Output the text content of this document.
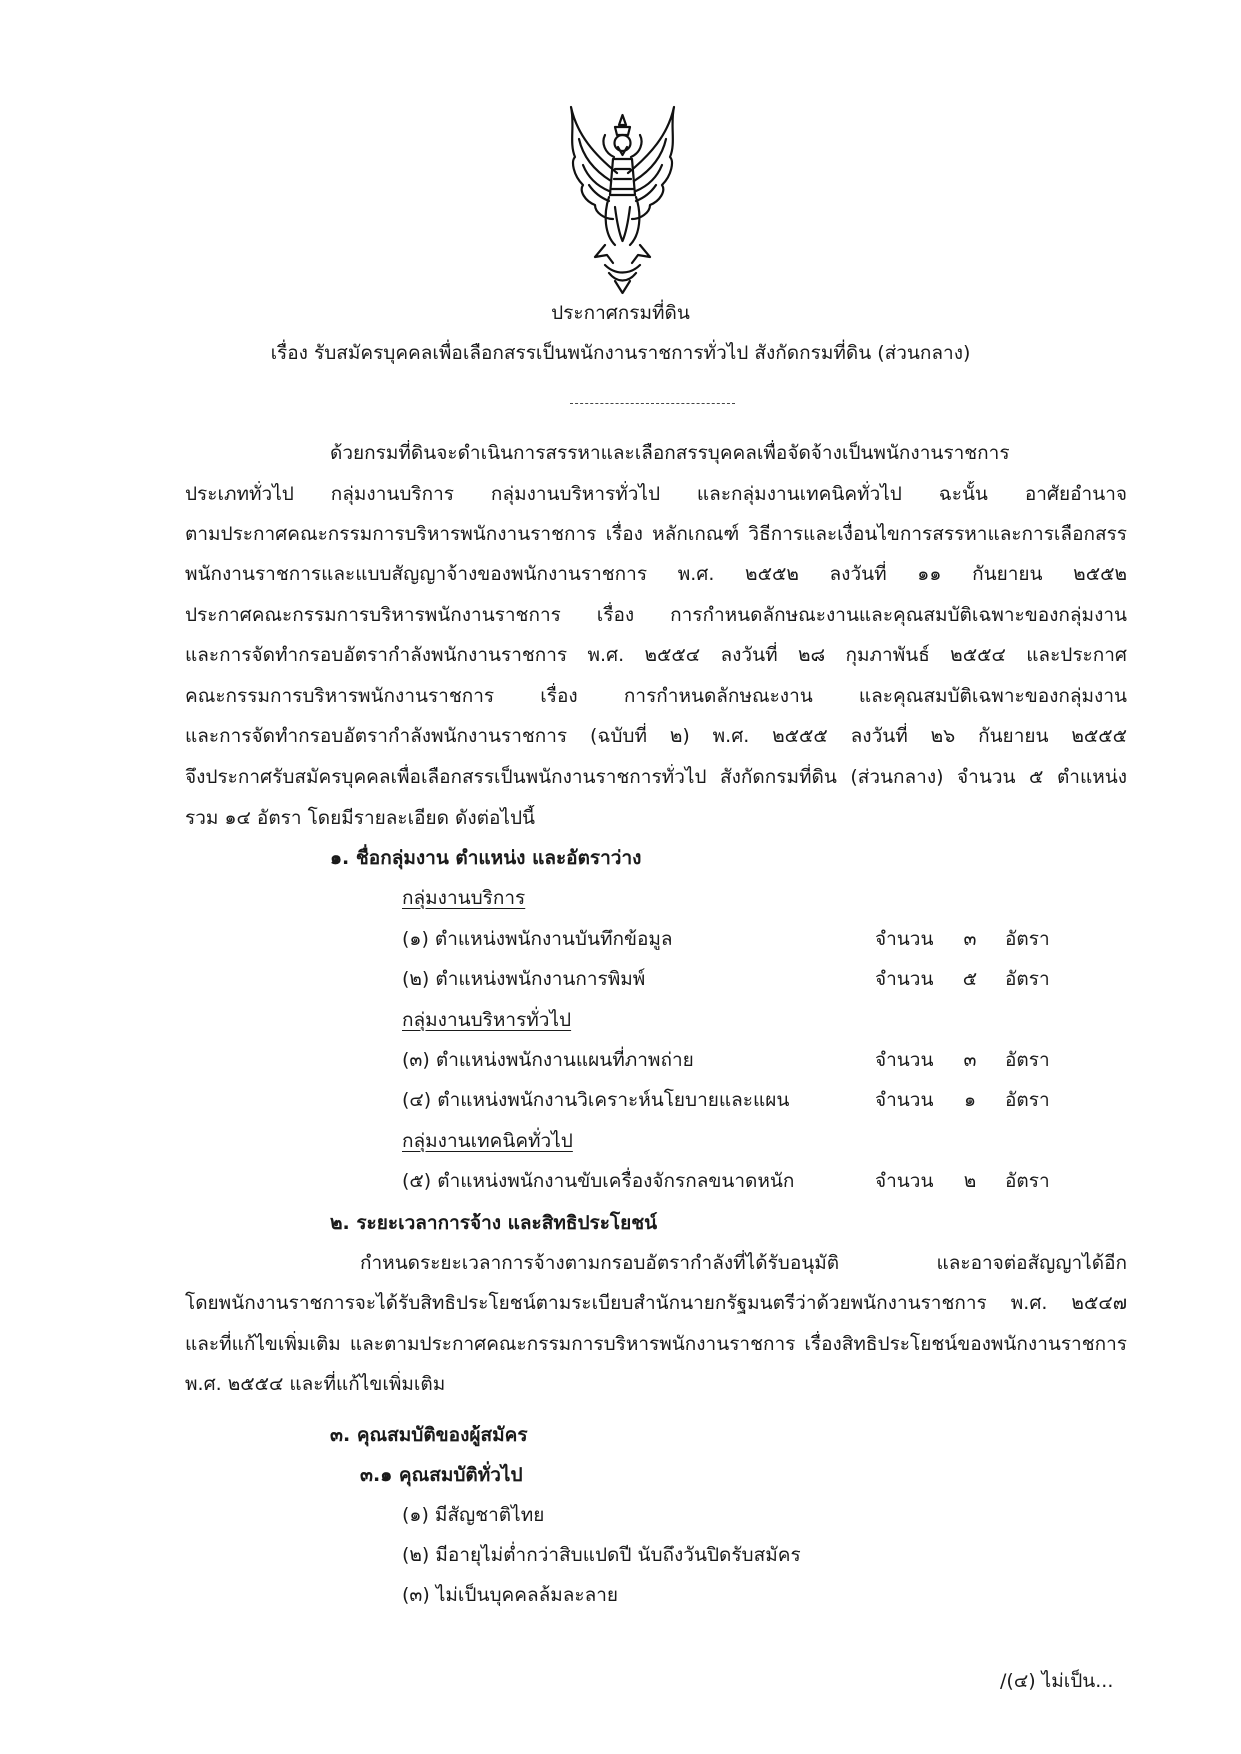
ประกาศกรมที่ดิน
เรื่อง รับสมัครบุคคลเพื่อเลือกสรรเป็นพนักงานราชการทั่วไป สังกัดกรมที่ดิน (ส่วนกลาง)
ด้วยกรมที่ดินจะดำเนินการสรรหาและเลือกสรรบุคคลเพื่อจัดจ้างเป็นพนักงานราชการ
ประเภททั่วไป กลุ่มงานบริการ กลุ่มงานบริหารทั่วไป และกลุ่มงานเทคนิคทั่วไป ฉะนั้น อาศัยอำนาจ
ตามประกาศคณะกรรมการบริหารพนักงานราชการ เรื่อง หลักเกณฑ์ วิธีการและเงื่อนไขการสรรหาและการเลือกสรร
พนักงานราชการและแบบสัญญาจ้างของพนักงานราชการ พ.ศ. ๒๕๕๒ ลงวันที่ ๑๑ กันยายน ๒๕๕๒
ประกาศคณะกรรมการบริหารพนักงานราชการ เรื่อง การกำหนดลักษณะงานและคุณสมบัติเฉพาะของกลุ่มงาน
และการจัดทำกรอบอัตรากำลังพนักงานราชการ พ.ศ. ๒๕๕๔ ลงวันที่ ๒๘ กุมภาพันธ์ ๒๕๕๔ และประกาศ
คณะกรรมการบริหารพนักงานราชการ เรื่อง การกำหนดลักษณะงาน และคุณสมบัติเฉพาะของกลุ่มงาน
และการจัดทำกรอบอัตรากำลังพนักงานราชการ (ฉบับที่ ๒) พ.ศ. ๒๕๕๕ ลงวันที่ ๒๖ กันยายน ๒๕๕๕
จึงประกาศรับสมัครบุคคลเพื่อเลือกสรรเป็นพนักงานราชการทั่วไป สังกัดกรมที่ดิน (ส่วนกลาง) จำนวน ๕ ตำแหน่ง
รวม ๑๔ อัตรา โดยมีรายละเอียด ดังต่อไปนี้
๑. ชื่อกลุ่มงาน ตำแหน่ง และอัตราว่าง
กลุ่มงานบริการ
(๑) ตำแหน่งพนักงานบันทึกข้อมูล	จำนวน ๓ อัตรา
(๒) ตำแหน่งพนักงานการพิมพ์	จำนวน ๕ อัตรา
กลุ่มงานบริหารทั่วไป
(๓) ตำแหน่งพนักงานแผนที่ภาพถ่าย	จำนวน ๓ อัตรา
(๔) ตำแหน่งพนักงานวิเคราะห์นโยบายและแผน	จำนวน ๑ อัตรา
กลุ่มงานเทคนิคทั่วไป
(๕) ตำแหน่งพนักงานขับเครื่องจักรกลขนาดหนัก	จำนวน ๒ อัตรา
๒. ระยะเวลาการจ้าง และสิทธิประโยชน์
กำหนดระยะเวลาการจ้างตามกรอบอัตรากำลังที่ได้รับอนุมัติ และอาจต่อสัญญาได้อีก
โดยพนักงานราชการจะได้รับสิทธิประโยชน์ตามระเบียบสำนักนายกรัฐมนตรีว่าด้วยพนักงานราชการ พ.ศ. ๒๕๔๗
และที่แก้ไขเพิ่มเติม และตามประกาศคณะกรรมการบริหารพนักงานราชการ เรื่องสิทธิประโยชน์ของพนักงานราชการ
พ.ศ. ๒๕๕๔ และที่แก้ไขเพิ่มเติม
๓. คุณสมบัติของผู้สมัคร
๓.๑ คุณสมบัติทั่วไป
(๑) มีสัญชาติไทย
(๒) มีอายุไม่ต่ำกว่าสิบแปดปี นับถึงวันปิดรับสมัคร
(๓) ไม่เป็นบุคคลล้มละลาย
/(๔) ไม่เป็น...
